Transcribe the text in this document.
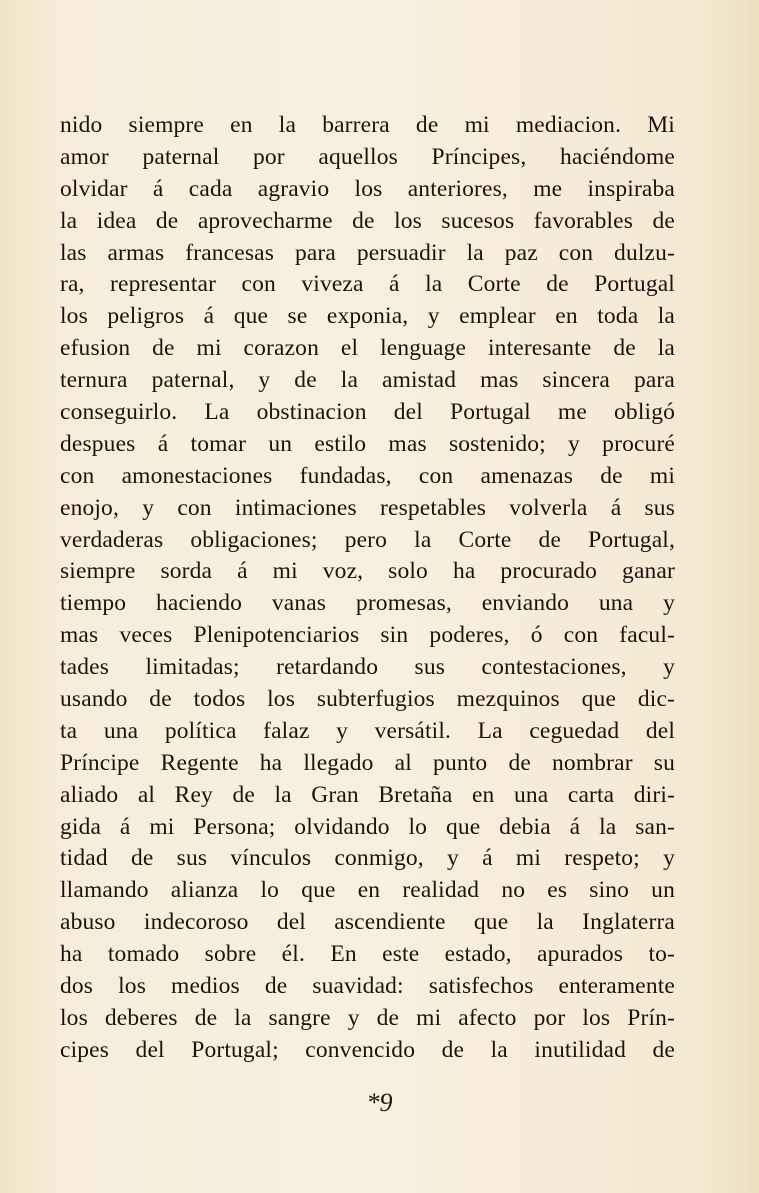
nido siempre en la barrera de mi mediacion. Mi
amor paternal por aquellos Príncipes, haciéndome
olvidar á cada agravio los anteriores, me inspiraba
la idea de aprovecharme de los sucesos favorables de
las armas francesas para persuadir la paz con dulzu-
ra, representar con viveza á la Corte de Portugal
los peligros á que se exponia, y emplear en toda la
efusion de mi corazon el lenguage interesante de la
ternura paternal, y de la amistad mas sincera para
conseguirlo. La obstinacion del Portugal me obligó
despues á tomar un estilo mas sostenido; y procuré
con amonestaciones fundadas, con amenazas de mi
enojo, y con intimaciones respetables volverla á sus
verdaderas obligaciones; pero la Corte de Portugal,
siempre sorda á mi voz, solo ha procurado ganar
tiempo haciendo vanas promesas, enviando una y
mas veces Plenipotenciarios sin poderes, ó con facul-
tades limitadas; retardando sus contestaciones, y
usando de todos los subterfugios mezquinos que dic-
ta una política falaz y versátil. La ceguedad del
Príncipe Regente ha llegado al punto de nombrar su
aliado al Rey de la Gran Bretaña en una carta diri-
gida á mi Persona; olvidando lo que debia á la san-
tidad de sus vínculos conmigo, y á mi respeto; y
llamando alianza lo que en realidad no es sino un
abuso indecoroso del ascendiente que la Inglaterra
ha tomado sobre él. En este estado, apurados to-
dos los medios de suavidad: satisfechos enteramente
los deberes de la sangre y de mi afecto por los Prín-
cipes del Portugal; convencido de la inutilidad de
*9
